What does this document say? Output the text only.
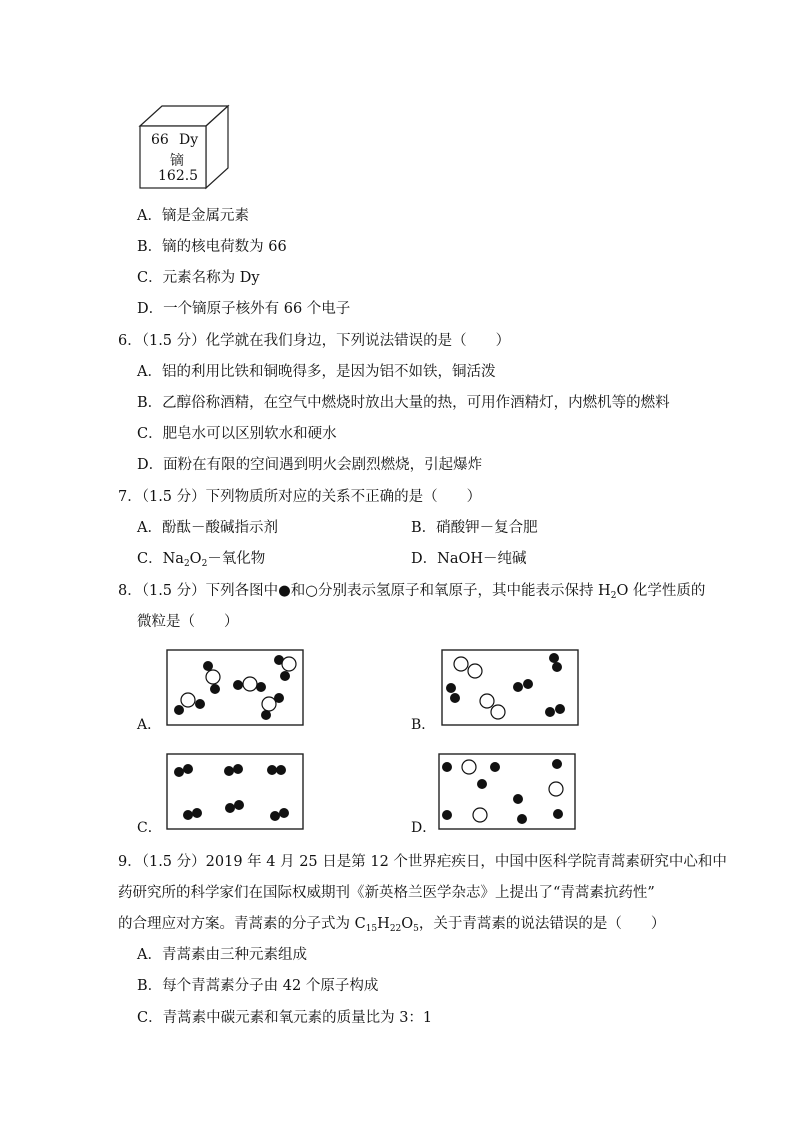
66 Dy
镝
162.5
A．镝是金属元素
B．镝的核电荷数为 66
C．元素名称为 Dy
D．一个镝原子核外有 66 个电子
6．（1.5 分）化学就在我们身边，下列说法错误的是（　　）
A．铝的利用比铁和铜晚得多，是因为铝不如铁，铜活泼
B．乙醇俗称酒精，在空气中燃烧时放出大量的热，可用作酒精灯，内燃机等的燃料
C．肥皂水可以区别软水和硬水
D．面粉在有限的空间遇到明火会剧烈燃烧，引起爆炸
7．（1.5 分）下列物质所对应的关系不正确的是（　　）
A．酚酞－酸碱指示剂	B．硝酸钾－复合肥
C．$Na_2O_2-$氧化物	D．NaOH－纯碱
8．（1.5 分）下列各图中●和○分别表示氢原子和氧原子，其中能表示保持 $H_2O$ 化学性质的
微粒是（　　）
A．	B．
C．	D．
9．（1.5 分）2019 年 4 月 25 日是第 12 个世界疟疾日，中国中医科学院青蒿素研究中心和中
药研究所的科学家们在国际权威期刊《新英格兰医学杂志》上提出了“青蒿素抗药性”
的合理应对方案。青蒿素的分子式为 $C_{15}H_{22}O_5$，关于青蒿素的说法错误的是（　　）
A．青蒿素由三种元素组成
B．每个青蒿素分子由 42 个原子构成
C．青蒿素中碳元素和氧元素的质量比为 3：1
